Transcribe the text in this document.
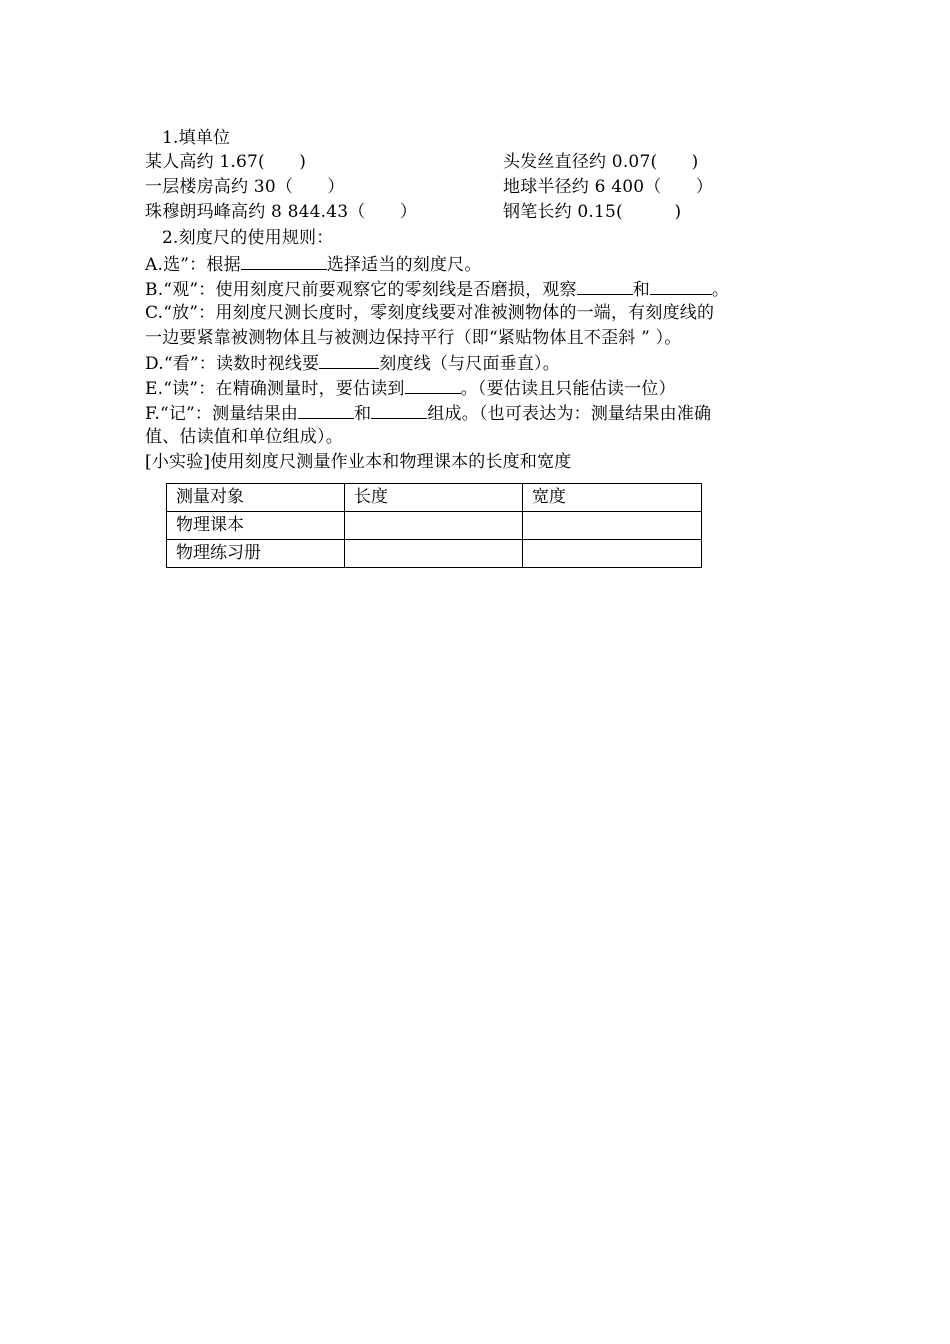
1.填单位
某人高约 1.67(　　)	头发丝直径约 0.07(　　)
一层楼房高约 30（　　）	地球半径约 6 400（　　）
珠穆朗玛峰高约 8 844.43（　　）	钢笔长约 0.15(　　　)
2.刻度尺的使用规则：
A.选”：根据	选择适当的刻度尺。
B.“观”：使用刻度尺前要观察它的零刻线是否磨损，观察	和	。
C.“放”：用刻度尺测长度时，零刻度线要对准被测物体的一端，有刻度线的
一边要紧靠被测物体且与被测边保持平行（即“紧贴物体且不歪斜 ” ）。
D.“看”：读数时视线要	刻度线（与尺面垂直）。
E.“读”：在精确测量时，要估读到	。（要估读且只能估读一位）
F.“记”：测量结果由	和	组成。（也可表达为：测量结果由准确
值、估读值和单位组成）。
[小实验]使用刻度尺测量作业本和物理课本的长度和宽度
测量对象	长度	宽度
物理课本		
物理练习册		
